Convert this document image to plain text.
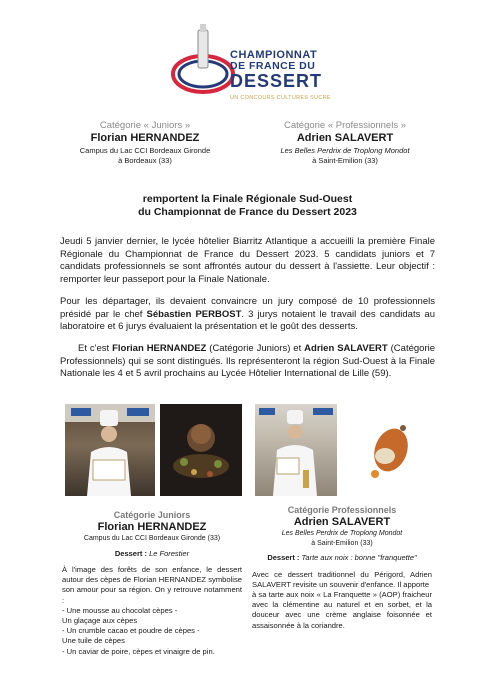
CHAMPIONNAT
DE FRANCE DU
DESSERT
UN CONCOURS CULTURES SUCRE
Catégorie « Juniors »
Florian HERNANDEZ
Campus du Lac CCI Bordeaux Gironde
à Bordeaux (33)
Catégorie « Professionnels »
Adrien SALAVERT
Les Belles Perdrix de Troplong Mondot
à Saint-Emilion (33)
remportent la Finale Régionale Sud-Ouest
du Championnat de France du Dessert 2023
Jeudi 5 janvier dernier, le lycée hôtelier Biarritz Atlantique a accueilli la première Finale Régionale du Championnat de France du Dessert 2023. 5 candidats juniors et 7 candidats professionnels se sont affrontés autour du dessert à l'assiette. Leur objectif : remporter leur passeport pour la Finale Nationale.
Pour les départager, ils devaient convaincre un jury composé de 10 professionnels présidé par le chef Sébastien PERBOST. 3 jurys notaient le travail des candidats au laboratoire et 6 jurys évaluaient la présentation et le goût des desserts.
Et c'est Florian HERNANDEZ (Catégorie Juniors) et Adrien SALAVERT (Catégorie Professionnels) qui se sont distingués. Ils représenteront la région Sud-Ouest à la Finale Nationale les 4 et 5 avril prochains au Lycée Hôtelier International de Lille (59).
Catégorie Juniors
Florian HERNANDEZ
Campus du Lac CCI Bordeaux Gironde (33)
Dessert : Le Forestier
À l'image des forêts de son enfance, le dessert autour des cèpes de Florian HERNANDEZ symbolise son amour pour sa région. On y retrouve notamment :
- Une mousse au chocolat cèpes -
Un glaçage aux cèpes
- Un crumble cacao et poudre de cèpes -
Une tuile de cèpes
- Un caviar de poire, cèpes et vinaigre de pin.
Catégorie Professionnels
Adrien SALAVERT
Les Belles Perdrix de Troplong Mondot
à Saint-Emilion (33)
Dessert : Tarte aux noix : bonne "franquette"
Avec ce dessert traditionnel du Périgord, Adrien SALAVERT revisite un souvenir d'enfance. Il apporte
à sa tarte aux noix « La Franquette » (AOP) fraicheur avec la clémentine au naturel et en sorbet, et la douceur avec une crème anglaise foisonnée et assaisonnée à la coriandre.
